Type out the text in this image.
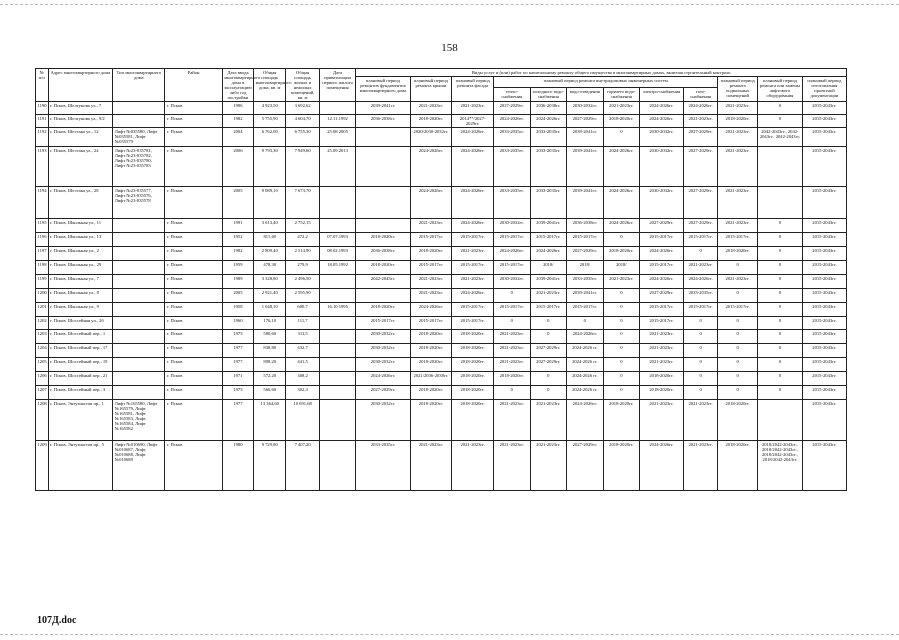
158
№ п/п	Адрес многоквартирного дома	Тип многоквартирного дома	Район	Дата ввода многоквартирного дома в эксплуатацию либо год постройки	Общая площадь многоквартирного дома, кв. м	Общая площадь жилых и нежилых помещений, кв. м	Дата приватизации первого жилого помещения	Виды услуг и (или) работ по капитальному ремонту общего имущества в многоквартирных домах, включая строительный контроль											
								плановый период ремонтов фундаментов многоквартирного дома	плановый период ремонта крыши	плановый период ремонта фасада	плановый период ремонта внутридомовых инженерных систем						плановый период ремонта подвальных помещений	плановый период ремонта или замены лифтового оборудования	плановый период изготовления проектной документации
											тепло-снабжения	холодного водо-снабжения	водо-отведения	горячего водо-снабжения	электро-снабжения	газо-снабжения			
1190	г. Псков, Шелгунова ул., 7		г. Псков	1986	4 923,50	3 692,62		2039-2041гг.	2021-2023гг.	2021-2023гг.	2027-2029гг.	2036-2038гг.	2030-2032гг.	2021-2023гг.	2024-2026гг.	2024-2026гг.	2021-2023гг.	0	2015-2043гг.
1191	г. Псков, Шелгунова ул., 9/2		г. Псков	1982	5 755,90	4 604,70	12.11.1992	2036-2038гг.	2018-2020гг.	2014**/2027-2029гг.	2024-2026гг.	2024-2026гг.	2027-2029гг.	2018-2020гг.	2024-2026гг.	2021-2023гг.	2018-2020гг.	0	2015-2043гг.
1192	г. Псков, Шестака ул., 12	Лифт №035580, Лифт №035581, Лифт №035579	г. Псков	2004	6 762,00	6 755,30	25.08.2005		2020/2030-2032гг.	2024-2026гг.	2033-2035гг.	2033-2035гг.	2039-2041гг.	0	2030-2032гг.	2027-2029гг.	2021-2023гг.	2042-2043гг., 2042-2043гг., 2042-2043гг.	2015-2043гг.
1193	г. Псков, Шестака ул., 24	Лифт №23-035781, Лифт №23-035782, Лифт №23-035780, Лифт №23-035783	г. Псков	2006	9 793,30	7 949,60	25.09.2013		2024-2026гг.	2024-2026гг.	2033-2035гг.	2033-2035гг.	2039-2041гг.	2024-2026гг.	2030-2032гг.	2027-2029гг.	2021-2023гг.		2015-2043гг.
1194	г. Псков, Шестака ул., 28	Лифт №23-035577, Лифт №23-035576, Лифт №23-035578	г. Псков	2005	9 089,10	7 673,70			2024-2026гг.	2024-2026гг.	2033-2035гг.	2033-2035гг.	2039-2041гг.	2024-2026гг.	2030-2032гг.	2027-2029гг.	2021-2023гг.		2015-2043гг.
1195	г. Псков, Школьная ул., 11		г. Псков	1991	3 613,40	2 752,15			2021-2023гг.	2024-2026гг.	2030-2032гг.	2039-2041гг.	2036-2038гг.	2024-2026гг.	2027-2029гг.	2027-2029гг.	2021-2023гг.	0	2015-2043гг.
1196	г. Псков, Школьная ул., 13		г. Псков	1952	811,40	472,2	07.07.1993	2018-2020гг.	2015-2017гг.	2015-2017гг.	2015-2017гг.	2015-2017гг.	2015-2017гг.	0	2015-2017гг.	2015-2017гг.	2015-2017гг.	0	2015-2043гг.
1197	г. Псков, Школьная ул., 2		г. Псков	1982	2 809,40	2 514,90	08.02.1993	2036-2038гг.	2018-2020гг.	2021-2023гг.	2024-2026гг.	2024-2026гг.	2027-2029гг.	2018-2020гг.	2024-2026гг.	0	2018-2020гг.	0	2015-2043гг.
1198	г. Псков, Школьная ул., 29		г. Псков	1959	478,30	279,9	18.05.1992	2018-2020гг.	2015-2017гг.	2015-2017гг.	2015-2017гг.	2018/	2018/	2018/	2015-2017гг.	2021-2023гг.	0	0	2015-2043гг.
1199	г. Псков, Школьная ул., 7		г. Псков	1989	3 328,80	2 496,50		2042-2043гг.	2021-2023гг.	2021-2023гг.	2030-2032гг.	2039-2041гг.	2033-2035гг.	2021-2023гг.	2024-2026гг.	2024-2026гг.	2021-2023гг.	0	2015-2043гг.
1200	г. Псков, Школьная ул., 8		г. Псков	2005	2 921,40	2 595,90			2021-2023гг.	2024-2026гг.	0	2021-2023гг.	2039-2041гг.	0	2027-2029гг.	2033-2035гг.	0	0	2015-2043гг.
1201	г. Псков, Школьная ул., 9		г. Псков	1958	1 048,10	600,7	16.10.1995	2018-2020гг.	2024-2026гг.	2015-2017гг.	2015-2017гг.	2015-2017гг.	2015-2017гг.	0	2015-2017гг.	2015-2017гг.	2015-2017гг.	0	2015-2043гг.
1202	г. Псков, Шоссейная ул., 2б		г. Псков	1960	176,10	111,7		2015-2017гг.	2015-2017гг.	2015-2017гг.	0	0	0	0	2015-2017гг.	0	0	0	2015-2043гг.
1203	г. Псков, Шоссейный пер., 1		г. Псков	1975	580,60	311,5		2030-2032гг.	2018-2020гг.	2018-2020гг.	2021-2023гг.	0	2024-2026гг.	0	2021-2023гг.	0	0	0	2015-2043гг.
1204	г. Псков, Шоссейный пер., 17		г. Псков	1977	838,80	432,7		2030-2032гг.	2018-2020гг.	2018-2020гг.	2021-2023гг.	2027-2029гг.	2024-2026 гг.	0	2021-2023гг.	0	0	0	2015-2043гг.
1205	г. Псков, Шоссейный пер., 19		г. Псков	1977	808,20	441,5		2030-2032гг.	2018-2020гг.	2018-2020гг.	2021-2023гг.	2027-2029гг.	2024-2026 гг.	0	2021-2023гг.	0	0	0	2015-2043гг.
1206	г. Псков, Шоссейный пер., 21		г. Псков	1971	572,20	308,2		2024-2026гг.	2021/2036-2038гг.	2018-2020гг.	2018-2020гг.	0	2024-2026 гг.	0	2018-2020гг.	0	0	0	2015-2043гг.
1207	г. Псков, Шоссейный пер., 3		г. Псков	1975	566,60	302,3		2027-2029гг.	2018-2020гг.	2018-2020гг.	0	0	2024-2026 гг.	0	2018-2020гг.	0	0	0	2015-2043гг.
1208	г. Псков, Энтузиастов пр., 1	Лифт №165580, Лифт №165579, Лифт №165581, Лифт №165583, Лифт №165584, Лифт №165582	г. Псков	1977	13 364,60	10 691,68		2030-2032гг.	2018-2020гг.	2018-2020гг.	2021-2023гг.	2021-2023гг.	2024-2026гг.	2018-2020гг.	2021-2023гг.	2021-2023гг.	2018-2020гг.		2015-2043гг.
1209	г. Псков, Энтузиастов пр., 5	Лифт №010690, Лифт №010687, Лифт №010688, Лифт №010689	г. Псков	1980	9 729,80	7 407,20		2033-2035гг.	2021-2023гг.	2021-2023гг.	2021-2023гг.	2021-2023гг.	2027-2029гг.	2018-2020гг.	2024-2026гг.	2021-2023гг.	2018-2020гг.	2018/2042-2043гг., 2018/2042-2043гг., 2018/2042-2043гг., 2018/2042-2043гг.	2015-2043гг.
107Д.doc
